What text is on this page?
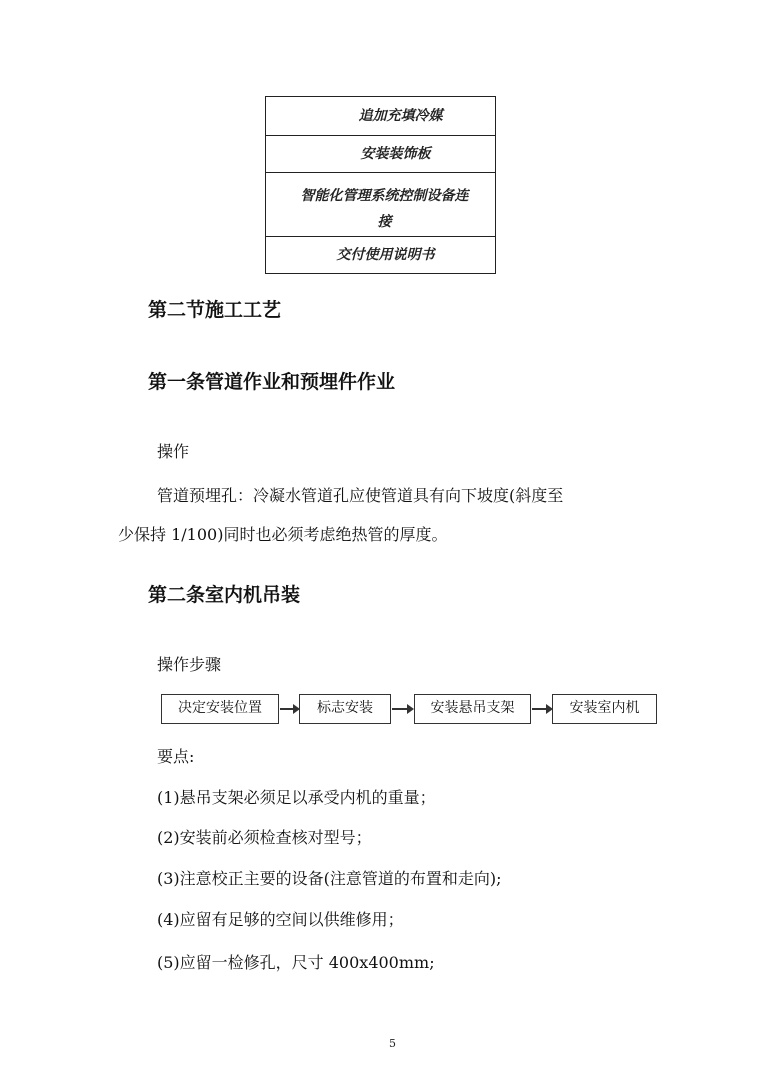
追加充填冷媒
安装装饰板
智能化管理系统控制设备连
接
交付使用说明书
第二节施工工艺
第一条管道作业和预埋件作业
操作
管道预埋孔：冷凝水管道孔应使管道具有向下坡度(斜度至
少保持 1/100)同时也必须考虑绝热管的厚度。
第二条室内机吊装
操作步骤
决定安装位置	标志安装	安装悬吊支架	安装室内机
要点:
(1)悬吊支架必须足以承受内机的重量；
(2)安装前必须检查核对型号；
(3)注意校正主要的设备(注意管道的布置和走向);
(4)应留有足够的空间以供维修用；
(5)应留一检修孔，尺寸 400x400mm;
5
